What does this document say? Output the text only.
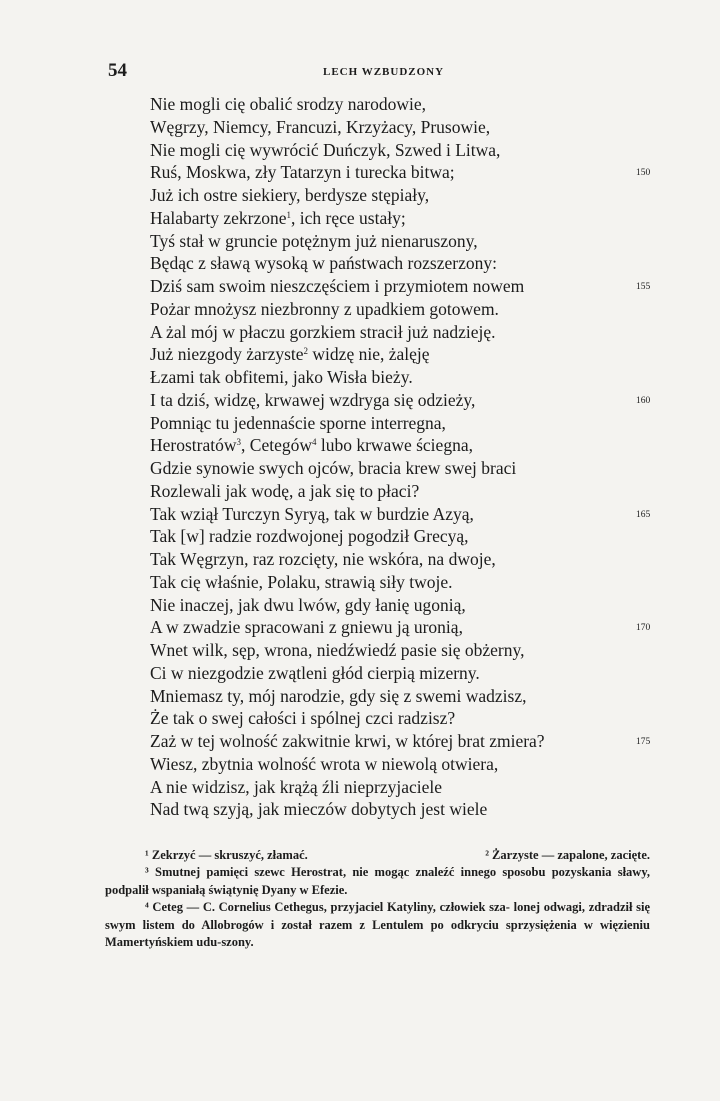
54	LECH WZBUDZONY
Nie mogli cię obalić srodzy narodowie,
Węgrzy, Niemcy, Francuzi, Krzyżacy, Prusowie,
Nie mogli cię wywrócić Duńczyk, Szwed i Litwa,
Ruś, Moskwa, zły Tatarzyn i turecka bitwa;	150
Już ich ostre siekiery, berdysze stępiały,
Halabarty zekrzone$^1$, ich ręce ustały;
Tyś stał w gruncie potężnym już nienaruszony,
Będąc z sławą wysoką w państwach rozszerzony:
Dziś sam swoim nieszczęściem i przymiotem nowem	155
Pożar mnożysz niezbronny z upadkiem gotowem.
A żal mój w płaczu gorzkiem stracił już nadzieję.
Już niezgody żarzyste$^2$ widzę nie, żalęję
Łzami tak obfitemi, jako Wisła bieży.
I ta dziś, widzę, krwawej wzdryga się odzieży,	160
Pomniąc tu jedennaście sporne interregna,
Herostratów$^3$, Cetegów$^4$ lubo krwawe ściegna,
Gdzie synowie swych ojców, bracia krew swej braci
Rozlewali jak wodę, a jak się to płaci?
Tak wziął Turczyn Syryą, tak w burdzie Azyą,	165
Tak [w] radzie rozdwojonej pogodził Grecyą,
Tak Węgrzyn, raz rozcięty, nie wskóra, na dwoje,
Tak cię właśnie, Polaku, strawią siły twoje.
Nie inaczej, jak dwu lwów, gdy łanię ugonią,
A w zwadzie spracowani z gniewu ją uronią,	170
Wnet wilk, sęp, wrona, niedźwiedź pasie się obżerny,
Ci w niezgodzie zwątleni głód cierpią mizerny.
Mniemasz ty, mój narodzie, gdy się z swemi wadzisz,
Że tak o swej całości i spólnej czci radzisz?
Zaż w tej wolność zakwitnie krwi, w której brat zmiera?	175
Wiesz, zbytnia wolność wrota w niewolą otwiera,
A nie widzisz, jak krążą źli nieprzyjaciele
Nad twą szyją, jak mieczów dobytych jest wiele
¹ Zekrzyć — skruszyć, złamać.	² Żarzyste — zapalone, zacięte.
³ Smutnej pamięci szewc Herostrat, nie mogąc znaleźć innego sposobu pozyskania sławy, podpalił wspaniałą świątynię Dyany w Efezie.
⁴ Ceteg — C. Cornelius Cethegus, przyjaciel Katyliny, człowiek sza- lonej odwagi, zdradził się swym listem do Allobrogów i został razem z Lentulem po odkryciu sprzysiężenia w więzieniu Mamertyńskiem udu-szony.
